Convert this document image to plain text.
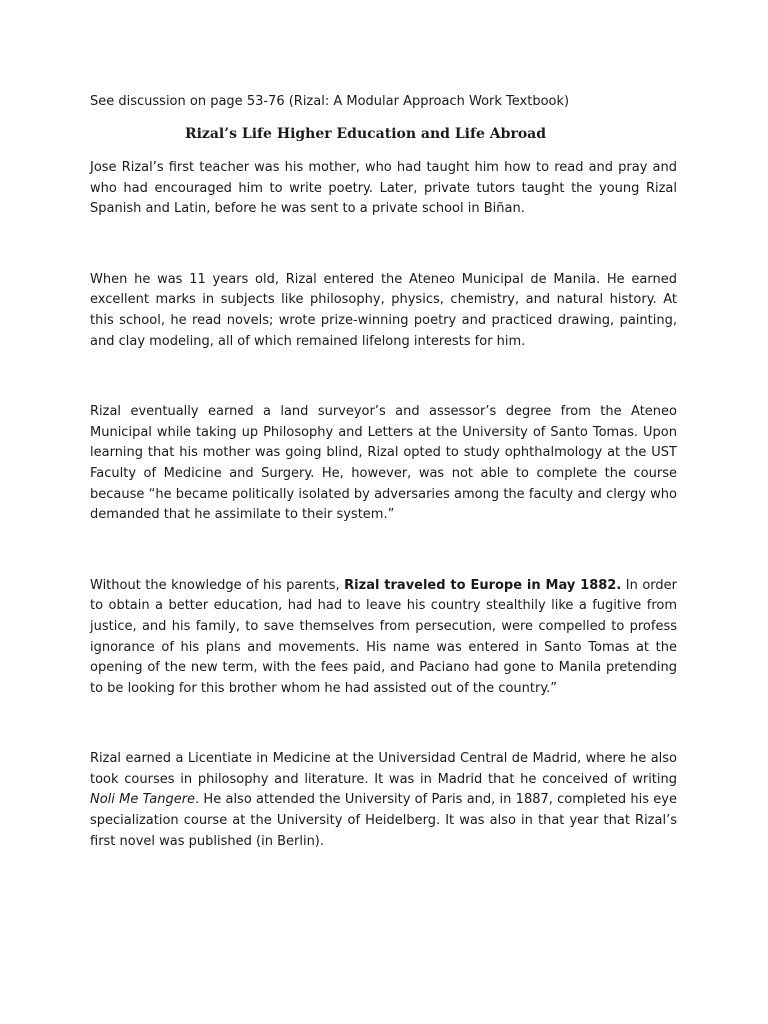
See discussion on page 53-76 (Rizal: A Modular Approach Work Textbook)

Rizal’s Life Higher Education and Life Abroad

Jose Rizal’s first teacher was his mother, who had taught him how to read and pray and who had encouraged him to write poetry. Later, private tutors taught the young Rizal Spanish and Latin, before he was sent to a private school in Biñan.

When he was 11 years old, Rizal entered the Ateneo Municipal de Manila. He earned excellent marks in subjects like philosophy, physics, chemistry, and natural history. At this school, he read novels; wrote prize-winning poetry and practiced drawing, painting, and clay modeling, all of which remained lifelong interests for him.

Rizal eventually earned a land surveyor’s and assessor’s degree from the Ateneo Municipal while taking up Philosophy and Letters at the University of Santo Tomas. Upon learning that his mother was going blind, Rizal opted to study ophthalmology at the UST Faculty of Medicine and Surgery. He, however, was not able to complete the course because “he became politically isolated by adversaries among the faculty and clergy who demanded that he assimilate to their system.”

Without the knowledge of his parents, Rizal traveled to Europe in May 1882. In order to obtain a better education, had had to leave his country stealthily like a fugitive from justice, and his family, to save themselves from persecution, were compelled to profess ignorance of his plans and movements. His name was entered in Santo Tomas at the opening of the new term, with the fees paid, and Paciano had gone to Manila pretending to be looking for this brother whom he had assisted out of the country.”

Rizal earned a Licentiate in Medicine at the Universidad Central de Madrid, where he also took courses in philosophy and literature. It was in Madrid that he conceived of writing Noli Me Tangere. He also attended the University of Paris and, in 1887, completed his eye specialization course at the University of Heidelberg. It was also in that year that Rizal’s first novel was published (in Berlin).
